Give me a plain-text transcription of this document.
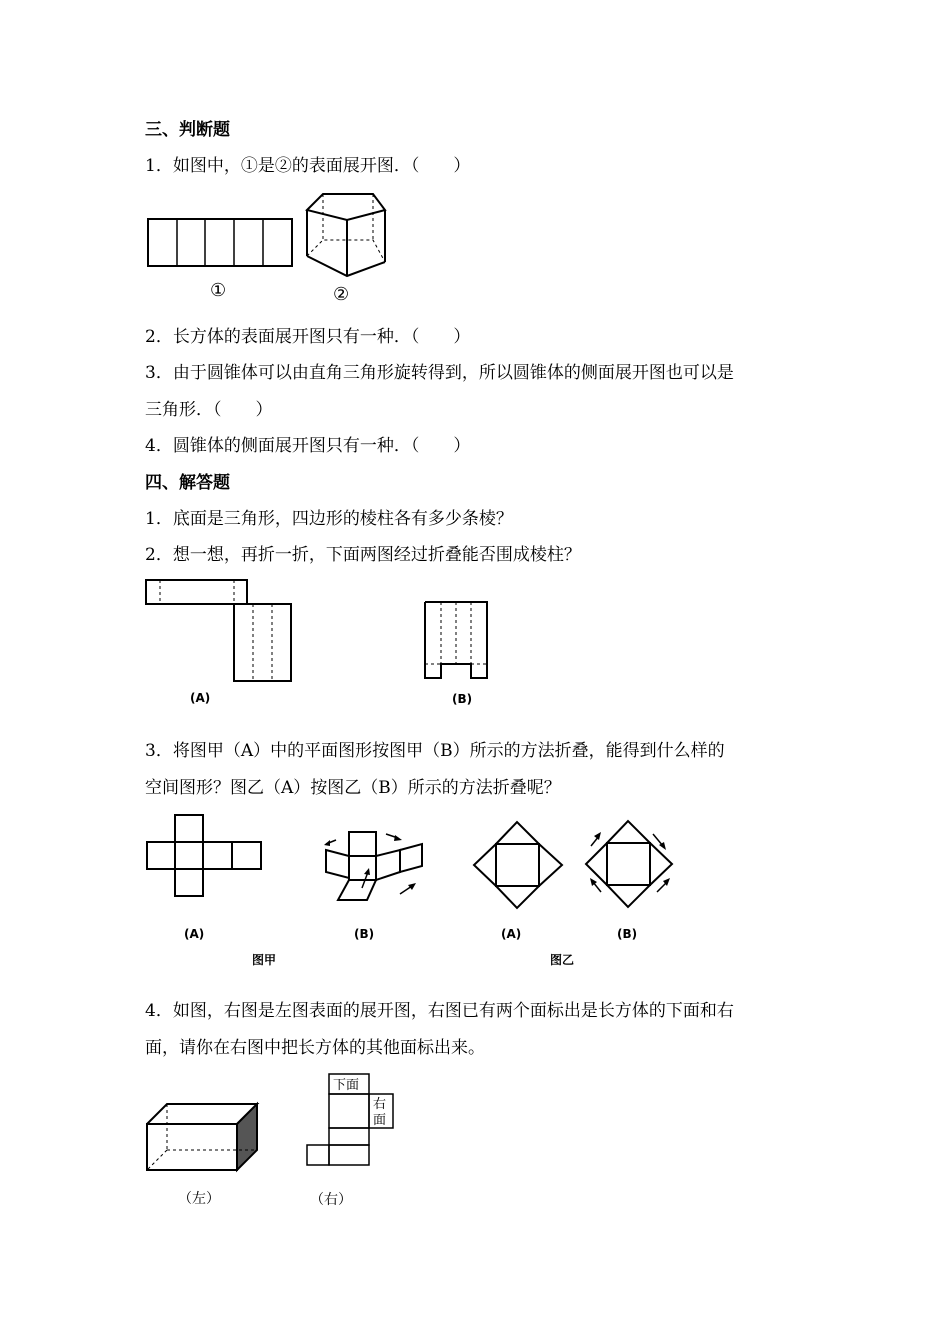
三、判断题
1．如图中，①是②的表面展开图．（　　）
①	②
2．长方体的表面展开图只有一种．（　　）
3．由于圆锥体可以由直角三角形旋转得到，所以圆锥体的侧面展开图也可以是
三角形．（　　）
4．圆锥体的侧面展开图只有一种．（　　）
四、解答题
1．底面是三角形，四边形的棱柱各有多少条棱？
2．想一想，再折一折，下面两图经过折叠能否围成棱柱？
(A)	(B)
3．将图甲（A）中的平面图形按图甲（B）所示的方法折叠，能得到什么样的
空间图形？图乙（A）按图乙（B）所示的方法折叠呢？
(A)	(B)
图甲
(A)	(B)
图乙
4．如图，右图是左图表面的展开图，右图已有两个面标出是长方体的下面和右
面，请你在右图中把长方体的其他面标出来。
（左）
下面
右
面
（右）
